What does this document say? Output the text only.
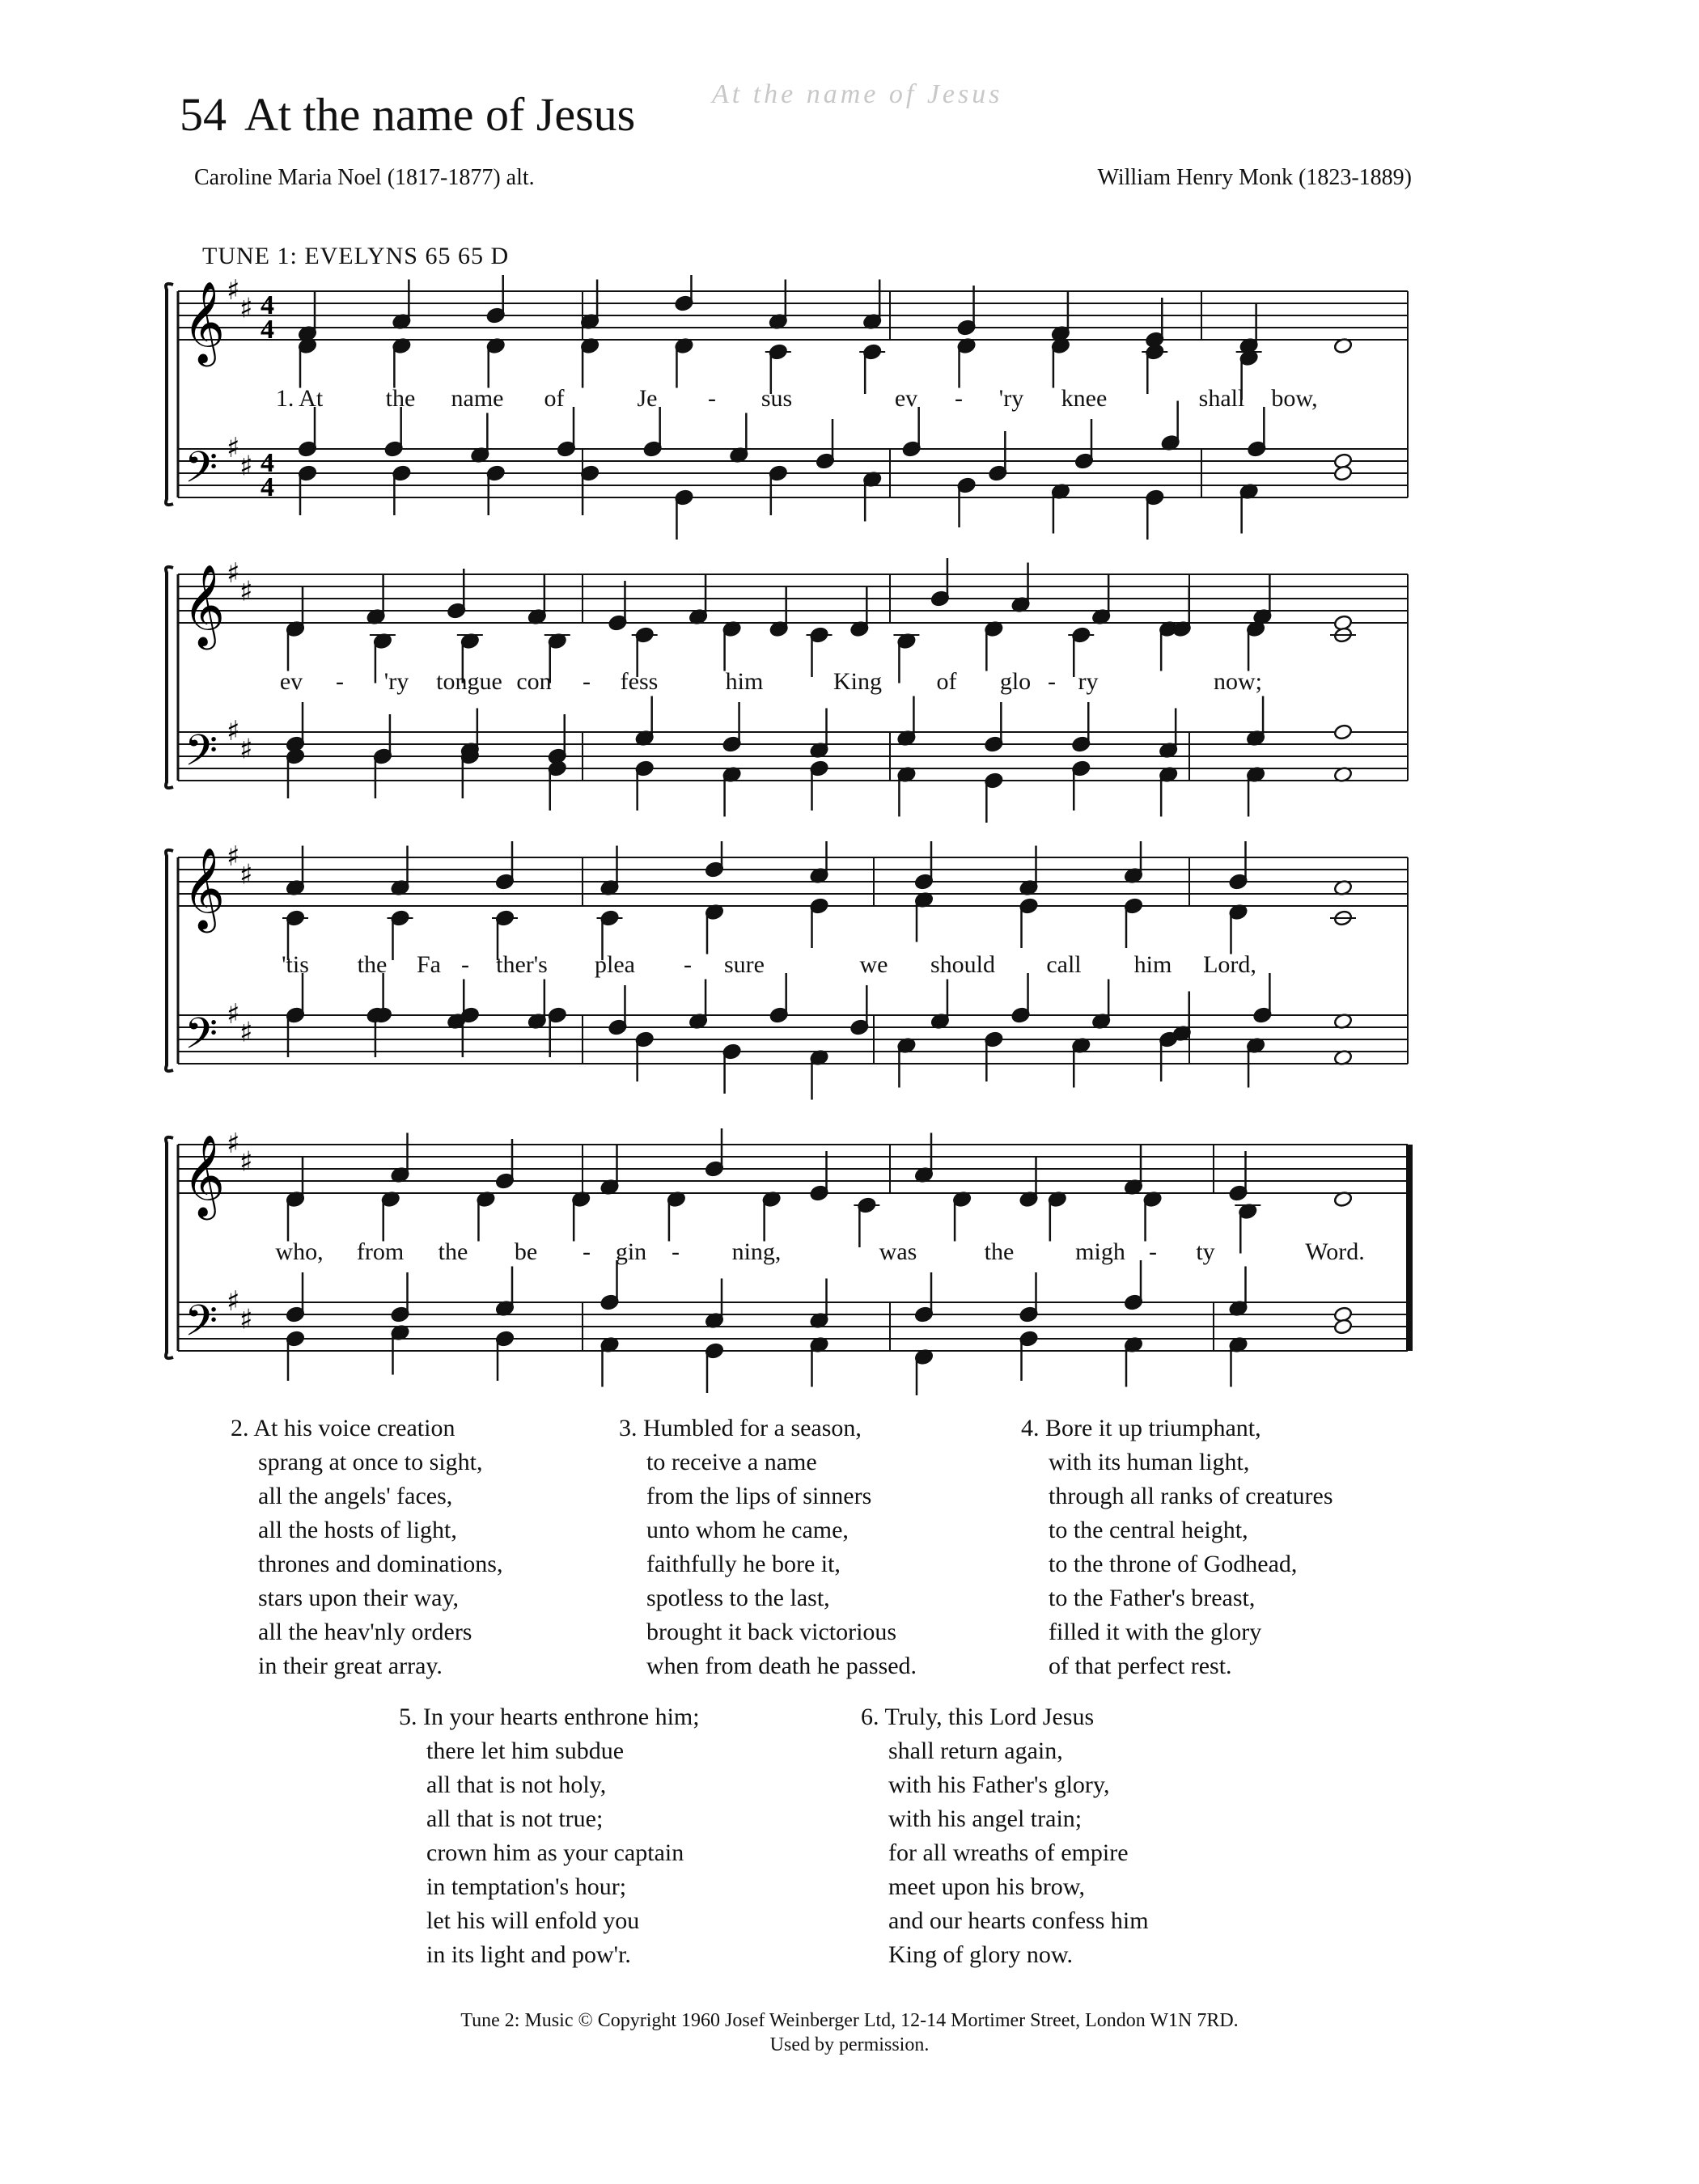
54 At the name of Jesus	At the name of Jesus
Caroline Maria Noel (1817-1877) alt.	William Henry Monk (1823-1889)
TUNE 1: EVELYNS 65 65 D
𝄞
𝄢
♯
♯
♯
♯
4
4
4
4
1. At	the name of	Je - sus	ev - 'ry knee	shall bow,
𝄞
𝄢
♯
♯
♯
♯
ev - 'ry tongue con - fess	him	King of glo - ry	now;
𝄞
𝄢
♯
♯
♯
♯
'tis the Fa - ther's plea - sure	we should call him Lord,
𝄞
𝄢
♯
♯
♯
♯
who, from the be - gin - ning,	was	the	migh - ty	Word.
2. At his voice creation
sprang at once to sight,
all the angels' faces,
all the hosts of light,
thrones and dominations,
stars upon their way,
all the heav'nly orders
in their great array.
3. Humbled for a season,
to receive a name
from the lips of sinners
unto whom he came,
faithfully he bore it,
spotless to the last,
brought it back victorious
when from death he passed.
4. Bore it up triumphant,
with its human light,
through all ranks of creatures
to the central height,
to the throne of Godhead,
to the Father's breast,
filled it with the glory
of that perfect rest.
5. In your hearts enthrone him;
there let him subdue
all that is not holy,
all that is not true;
crown him as your captain
in temptation's hour;
let his will enfold you
in its light and pow'r.
6. Truly, this Lord Jesus
shall return again,
with his Father's glory,
with his angel train;
for all wreaths of empire
meet upon his brow,
and our hearts confess him
King of glory now.
Tune 2: Music © Copyright 1960 Josef Weinberger Ltd, 12-14 Mortimer Street, London W1N 7RD.
Used by permission.
